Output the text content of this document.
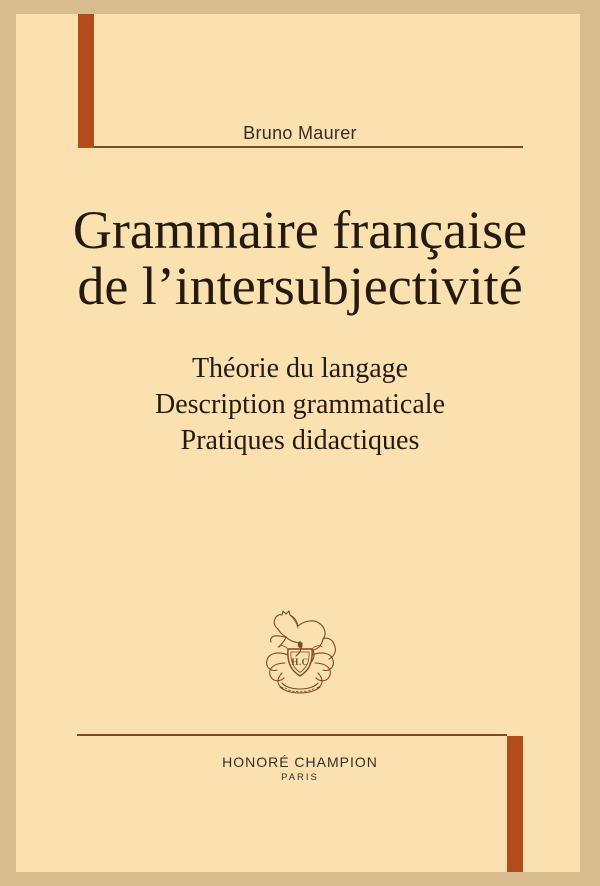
Bruno Maurer
Grammaire française
de l’intersubjectivité
Théorie du langage
Description grammaticale
Pratiques didactiques
H.C
HONORÉ CHAMPION
PARIS
